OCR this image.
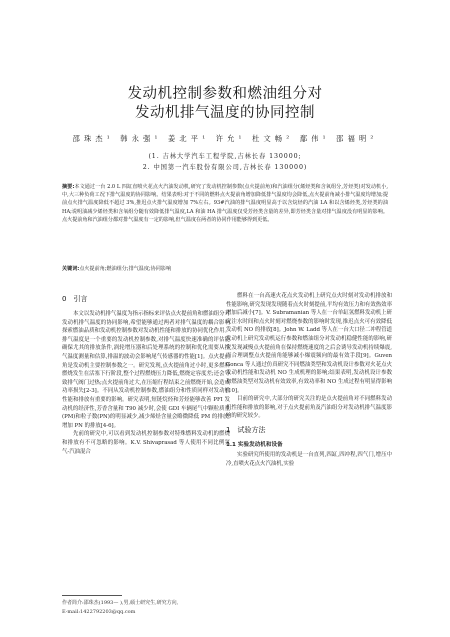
发动机控制参数和燃油组分对
发动机排气温度的协同控制
邵珠杰¹ 韩永强¹ 姜北平¹ 许允¹ 杜文畅² 鄢伟¹ 邵福明²
(1. 吉林大学汽车工程学院,吉林长春 130000;
2. 中国第一汽车股份有限公司,吉林长春 130000)
摘要:本文通过一台 2.0 L 四缸直喷火花点火汽油发动机,研究了发动机控制参数(点火提前角)和汽油组分(烯烃类和含氧组分,芳烃类)对发动机小,中,大三种负荷工况下排气温度的协同影响。结果表明:对于不同的燃料点火提前角增加降低排气温度均会降低,点火提前角减小排气温度均增加;提前点火排气温度降低不超过 3%,推迟点火排气温度增加 7%左右。93#汽油的排气温度明显高于以含烷烃的汽油 LA 和以含烯烃类,芳烃类的油 HA;说明油减少烯烃类和含氧组分随有效降低排气温度,LA 和油 HA 排气温度仅受芳烃类含量的差异,即芳烃类含量对排气温度没有明显的影响。点火提前角和汽油组分都对排气温度有一定的影响,但气温度在两者的协同作用能够得到更低。
关键词:点火提前角;燃油组分;排气温度;协同影响
0 引言

本文以发动机排气温度为指示指标来评估点火提前角和燃油组分对发动机排气温度的协同影响,希望能够通过两者对排气温度的耦合影响探索燃油品质和发动机控制参数对发动机性能和排放的协同优化作用。排气温度是一个重要的发动机控制参数,对排气温度快速准确的评估能确保尤其的排放条件,涡轮增压器和后处理系统的控制和优化需要从排气温度测量和估算,排温的波动会影响尾气传感器的性能[1]。点火提前角是发动机主要控制参数之一。研究发现,点火提前角过小时,更多燃料燃烧发生在活塞下行阶段,整个过程燃烧压力降低,燃烧定容度差;还会导致排气阀门过热;点火提前角过大,在压缩行程结束之前燃烧开始,会造成功率损失[2-3]。不同从发动机控制参数,燃油组分和性质同样对发动机性能和排放有重要的影响。研究表明,短链烷烃和芳烃能够改善 PFI 发动机的经济性,芳香含量和 T90 减少时,会使 GDI 车辆尾气中颗粒质量(PM)和粒子数(PN)的明显减少,减少烯烃含量会略微降低 PM 的排放,增加 PN 的排放[4-6]。

先前的研究中,可以看到发动机控制参数对特殊燃料发动机的燃烧和排放有不可忽略的影响。K.V. Shivaprasad 等人使用不同比例氢气-汽油混合

燃料在一台高速火花点火发动机上研究点火时刻对发动机排放和性能影响,研究发现发现随着点火时刻提前,平均有效压力和有效热效率增加后减小[7]。V. Subramanian 等人在一台单缸氢燃料发动机上研究注水时间和点火时刻对燃烧参数的影响时发现,推迟点火可有效降低发动机 NO 的排放[8]。John W. Ladd 等人在一台大口径二冲程管道发动机上研究发动机运行参数和燃油组分对发动机稳健性能的影响,研究发现减慢点火提前角在保持燃烧速度的之后会诱导发动机持续爆震,而合理调整点火提前角能够减小爆震频向的最有效手段[9]。Guven Gonca 等人通过仿真研究不同燃油类型和发动机设计参数对火花点火发动机性能和发动机 NO 生成机理的影响;结果表明,发动机设计参数和燃油类型对发动机有效效率,有效功率和 NO 生成过程有明显得影响[10]。

目前的研究中,大部分的研究关注的是点火提前角对不同燃料发动机性能和排放的影响,对于点火提前角及汽油组分对发动机排气温度影响的研究较少。

1 试验方法
1.1 实验发动机和设备

实验研究所使用的发动机是一台直列,四缸,四冲程,四气门,增压中冷,直喷火花点火汽油机,实验

作者简介:邵珠杰(1993— ),男,硕士研究生,研究方向,
E-mail:1422792203@qq.com
